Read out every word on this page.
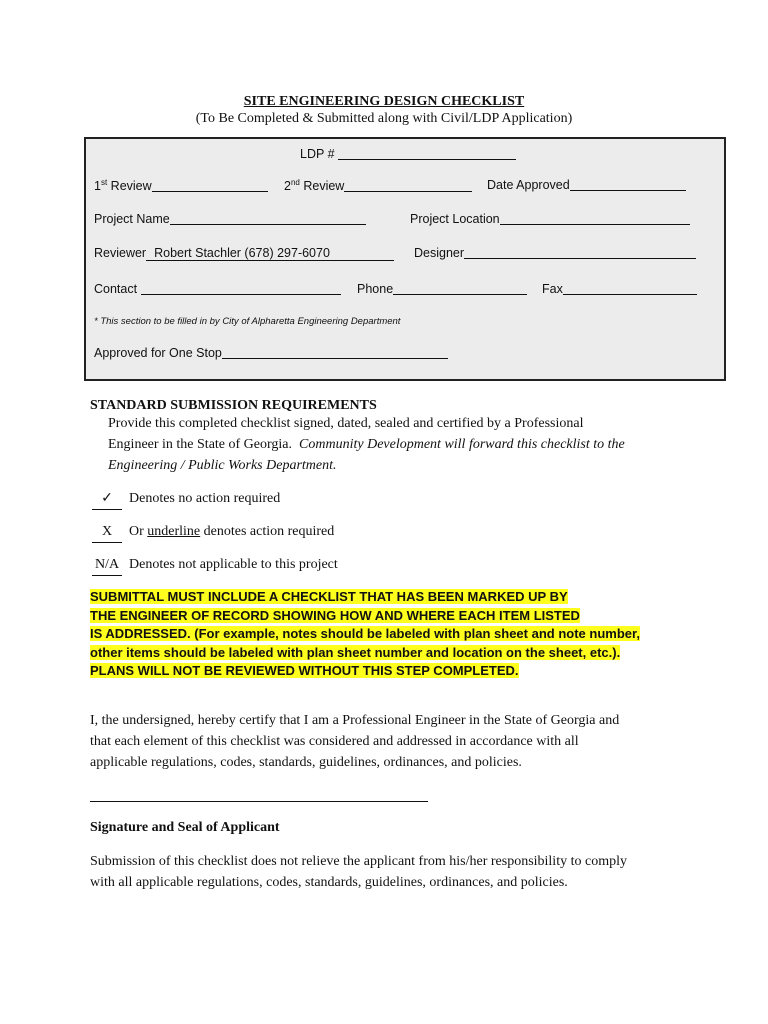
SITE ENGINEERING DESIGN CHECKLIST
(To Be Completed & Submitted along with Civil/LDP Application)
LDP #
1st Review	2nd Review	Date Approved
Project Name	Project Location
Reviewer Robert Stachler (678) 297-6070	Designer
Contact	Phone	Fax
* This section to be filled in by City of Alpharetta Engineering Department
Approved for One Stop
STANDARD SUBMISSION REQUIREMENTS
Provide this completed checklist signed, dated, sealed and certified by a Professional
Engineer in the State of Georgia. Community Development will forward this checklist to the
Engineering / Public Works Department.
✓ Denotes no action required
X Or underline denotes action required
N/A Denotes not applicable to this project
SUBMITTAL MUST INCLUDE A CHECKLIST THAT HAS BEEN MARKED UP BY
THE ENGINEER OF RECORD SHOWING HOW AND WHERE EACH ITEM LISTED
IS ADDRESSED. (For example, notes should be labeled with plan sheet and note number,
other items should be labeled with plan sheet number and location on the sheet, etc.).
PLANS WILL NOT BE REVIEWED WITHOUT THIS STEP COMPLETED.
I, the undersigned, hereby certify that I am a Professional Engineer in the State of Georgia and
that each element of this checklist was considered and addressed in accordance with all
applicable regulations, codes, standards, guidelines, ordinances, and policies.
Signature and Seal of Applicant
Submission of this checklist does not relieve the applicant from his/her responsibility to comply
with all applicable regulations, codes, standards, guidelines, ordinances, and policies.
